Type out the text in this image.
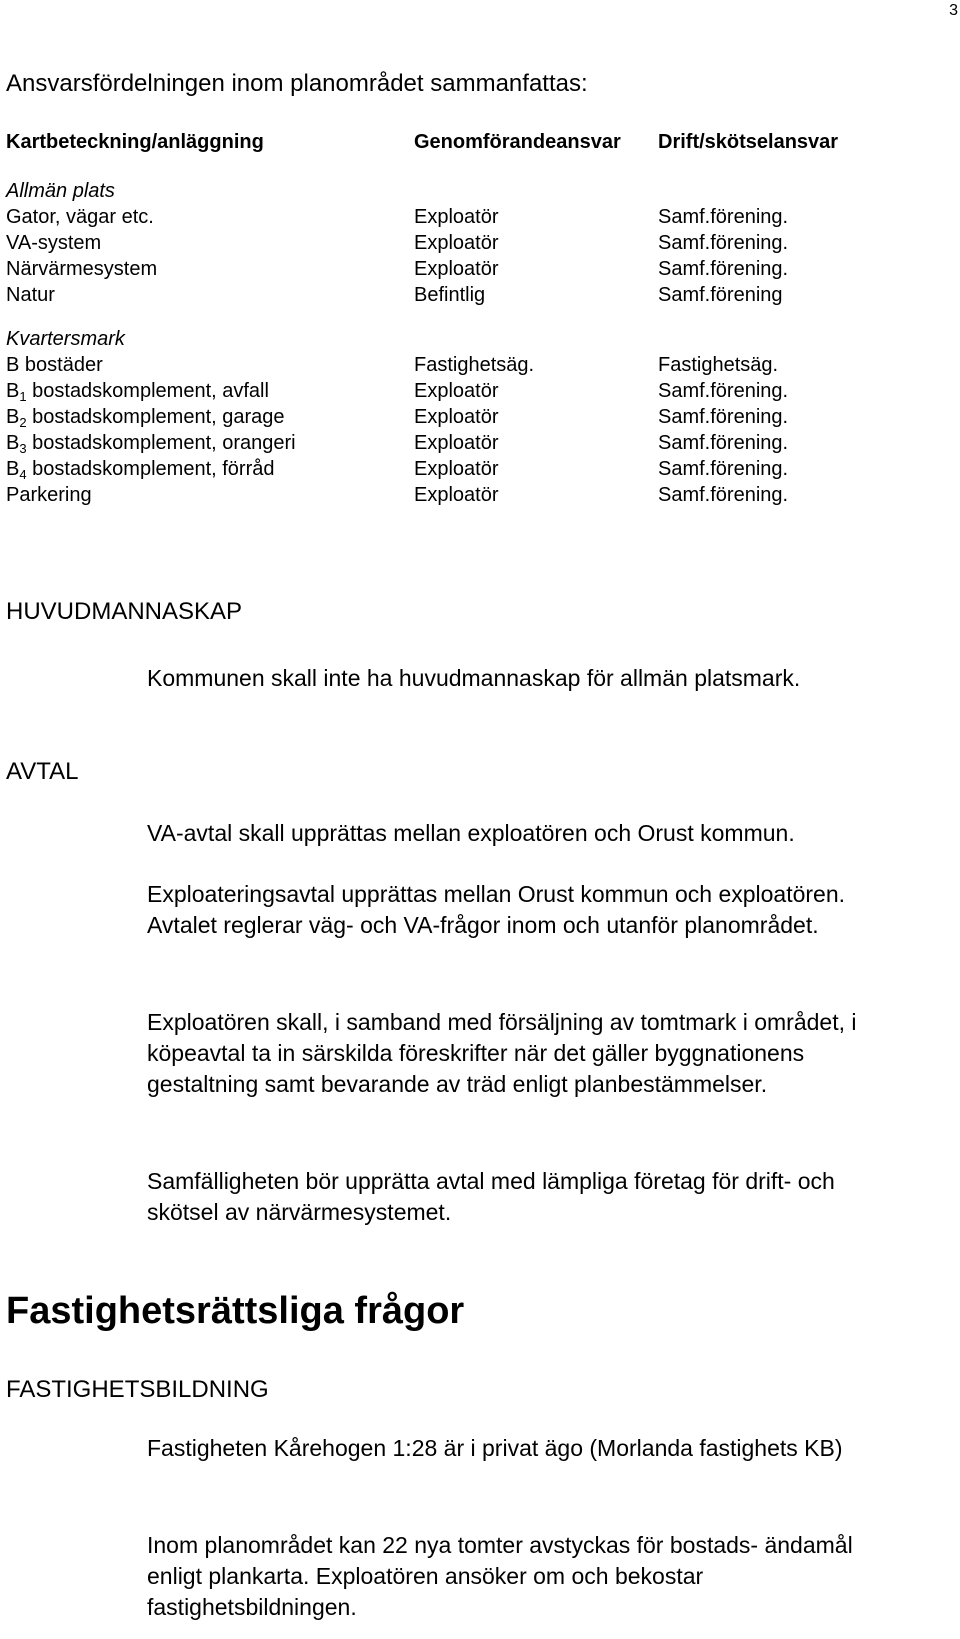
3
Ansvarsfördelningen inom planområdet sammanfattas:
Kartbeteckning/anläggning	Genomförandeansvar Drift/skötselansvar
Allmän plats
Gator, vägar etc.	Exploatör	Samf.förening.
VA-system	Exploatör	Samf.förening.
Närvärmesystem	Exploatör	Samf.förening.
Natur	Befintlig	Samf.förening
Kvartersmark
B bostäder	Fastighetsäg.	Fastighetsäg.
$B_1$ bostadskomplement, avfall	Exploatör	Samf.förening.
$B_2$ bostadskomplement, garage	Exploatör	Samf.förening.
$B_3$ bostadskomplement, orangeri	Exploatör	Samf.förening.
$B_4$ bostadskomplement, förråd	Exploatör	Samf.förening.
Parkering	Exploatör	Samf.förening.
HUVUDMANNASKAP

Kommunen skall inte ha huvudmannaskap för allmän platsmark.

AVTAL

VA-avtal skall upprättas mellan exploatören och Orust kommun.

Exploateringsavtal upprättas mellan Orust kommun och exploatören. Avtalet reglerar väg- och VA-frågor inom och utanför planområdet.

Exploatören skall, i samband med försäljning av tomtmark i området, i köpeavtal ta in särskilda föreskrifter när det gäller byggnationens gestaltning samt bevarande av träd enligt planbestämmelser.

Samfälligheten bör upprätta avtal med lämpliga företag för drift- och skötsel av närvärmesystemet.

Fastighetsrättsliga frågor
FASTIGHETSBILDNING

Fastigheten Kårehogen 1:28 är i privat ägo (Morlanda fastighets KB)

Inom planområdet kan 22 nya tomter avstyckas för bostads- ändamål enligt plankarta. Exploatören ansöker om och bekostar fastighetsbildningen.
